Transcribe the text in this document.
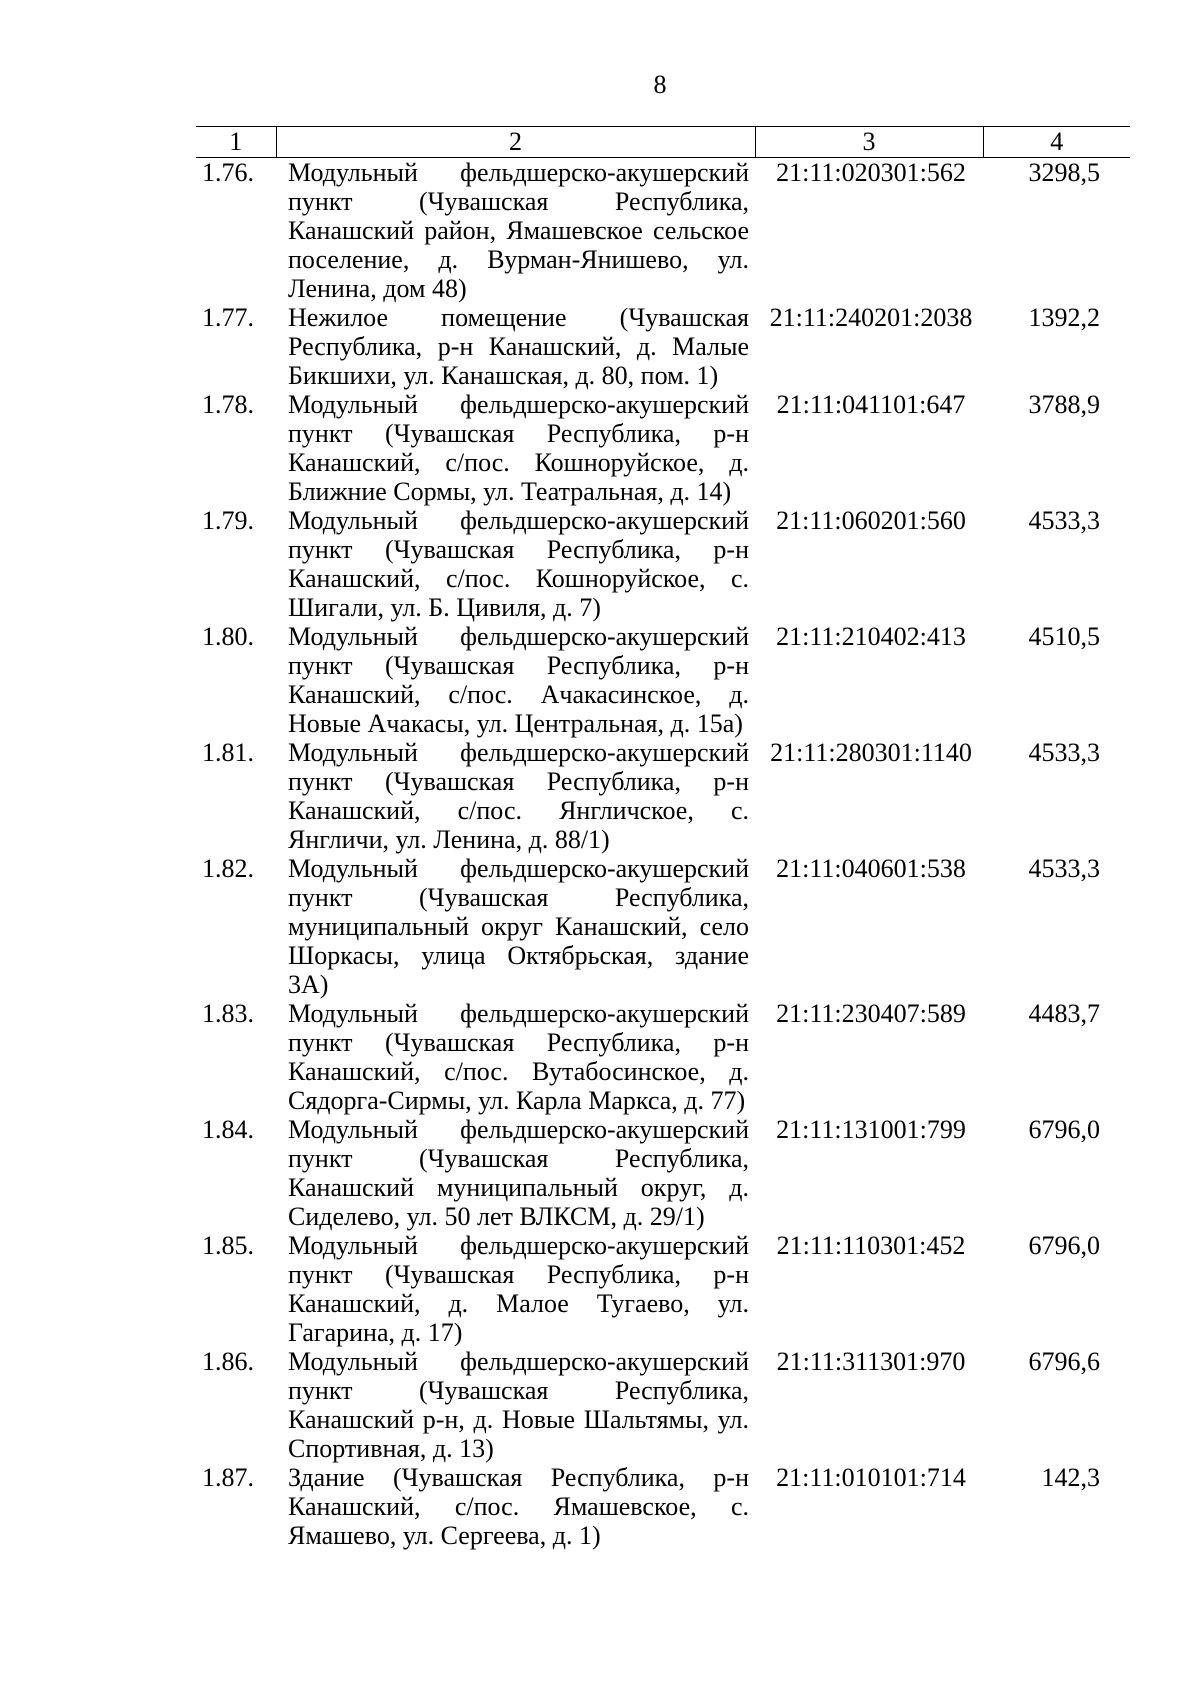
8
1	2	3	4
1.76.	Модульный фельдшерско-акушерский пункт (Чувашская Республика, Канашский район, Ямашевское сельское поселение, д. Вурман-Янишево, ул. Ленина, дом 48)	21:11:020301:562	3298,5
1.77.	Нежилое помещение (Чувашская Республика, р-н Канашский, д. Малые Бикшихи, ул. Канашская, д. 80, пом. 1)	21:11:240201:2038	1392,2
1.78.	Модульный фельдшерско-акушерский пункт (Чувашская Республика, р-н Канашский, с/пос. Кошноруйское, д. Ближние Сормы, ул. Театральная, д. 14)	21:11:041101:647	3788,9
1.79.	Модульный фельдшерско-акушерский пункт (Чувашская Республика, р-н Канашский, с/пос. Кошноруйское, с. Шигали, ул. Б. Цивиля, д. 7)	21:11:060201:560	4533,3
1.80.	Модульный фельдшерско-акушерский пункт (Чувашская Республика, р-н Канашский, с/пос. Ачакасинское, д. Новые Ачакасы, ул. Центральная, д. 15а)	21:11:210402:413	4510,5
1.81.	Модульный фельдшерско-акушерский пункт (Чувашская Республика, р-н Канашский, с/пос. Янгличское, с. Янгличи, ул. Ленина, д. 88/1)	21:11:280301:1140	4533,3
1.82.	Модульный фельдшерско-акушерский пункт (Чувашская Республика, муниципальный округ Канашский, село Шоркасы, улица Октябрьская, здание 3А)	21:11:040601:538	4533,3
1.83.	Модульный фельдшерско-акушерский пункт (Чувашская Республика, р-н Канашский, с/пос. Вутабосинское, д. Сядорга-Сирмы, ул. Карла Маркса, д. 77)	21:11:230407:589	4483,7
1.84.	Модульный фельдшерско-акушерский пункт (Чувашская Республика, Канашский муниципальный округ, д. Сиделево, ул. 50 лет ВЛКСМ, д. 29/1)	21:11:131001:799	6796,0
1.85.	Модульный фельдшерско-акушерский пункт (Чувашская Республика, р-н Канашский, д. Малое Тугаево, ул. Гагарина, д. 17)	21:11:110301:452	6796,0
1.86.	Модульный фельдшерско-акушерский пункт (Чувашская Республика, Канашский р-н, д. Новые Шальтямы, ул. Спортивная, д. 13)	21:11:311301:970	6796,6
1.87.	Здание (Чувашская Республика, р-н Канашский, с/пос. Ямашевское, с. Ямашево, ул. Сергеева, д. 1)	21:11:010101:714	142,3
